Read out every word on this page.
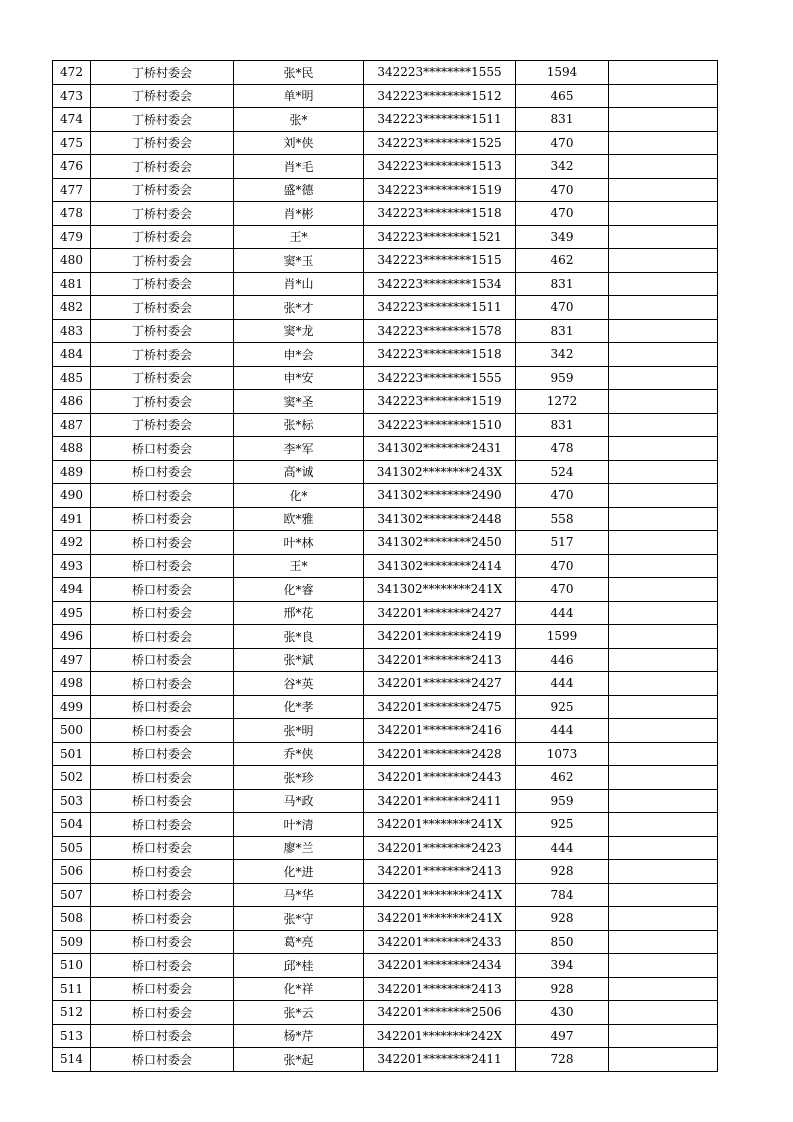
472	丁桥村委会	张*民	342223********1555	1594	
473	丁桥村委会	单*明	342223********1512	465	
474	丁桥村委会	张*	342223********1511	831	
475	丁桥村委会	刘*侠	342223********1525	470	
476	丁桥村委会	肖*毛	342223********1513	342	
477	丁桥村委会	盛*德	342223********1519	470	
478	丁桥村委会	肖*彬	342223********1518	470	
479	丁桥村委会	王*	342223********1521	349	
480	丁桥村委会	窦*玉	342223********1515	462	
481	丁桥村委会	肖*山	342223********1534	831	
482	丁桥村委会	张*才	342223********1511	470	
483	丁桥村委会	窦*龙	342223********1578	831	
484	丁桥村委会	申*会	342223********1518	342	
485	丁桥村委会	申*安	342223********1555	959	
486	丁桥村委会	窦*圣	342223********1519	1272	
487	丁桥村委会	张*标	342223********1510	831	
488	桥口村委会	李*军	341302********2431	478	
489	桥口村委会	高*诚	341302********243X	524	
490	桥口村委会	化*	341302********2490	470	
491	桥口村委会	欧*雅	341302********2448	558	
492	桥口村委会	叶*林	341302********2450	517	
493	桥口村委会	王*	341302********2414	470	
494	桥口村委会	化*睿	341302********241X	470	
495	桥口村委会	邢*花	342201********2427	444	
496	桥口村委会	张*良	342201********2419	1599	
497	桥口村委会	张*斌	342201********2413	446	
498	桥口村委会	谷*英	342201********2427	444	
499	桥口村委会	化*孝	342201********2475	925	
500	桥口村委会	张*明	342201********2416	444	
501	桥口村委会	乔*侠	342201********2428	1073	
502	桥口村委会	张*珍	342201********2443	462	
503	桥口村委会	马*政	342201********2411	959	
504	桥口村委会	叶*清	342201********241X	925	
505	桥口村委会	廖*兰	342201********2423	444	
506	桥口村委会	化*进	342201********2413	928	
507	桥口村委会	马*华	342201********241X	784	
508	桥口村委会	张*守	342201********241X	928	
509	桥口村委会	葛*亮	342201********2433	850	
510	桥口村委会	邱*桂	342201********2434	394	
511	桥口村委会	化*祥	342201********2413	928	
512	桥口村委会	张*云	342201********2506	430	
513	桥口村委会	杨*芹	342201********242X	497	
514	桥口村委会	张*起	342201********2411	728	
